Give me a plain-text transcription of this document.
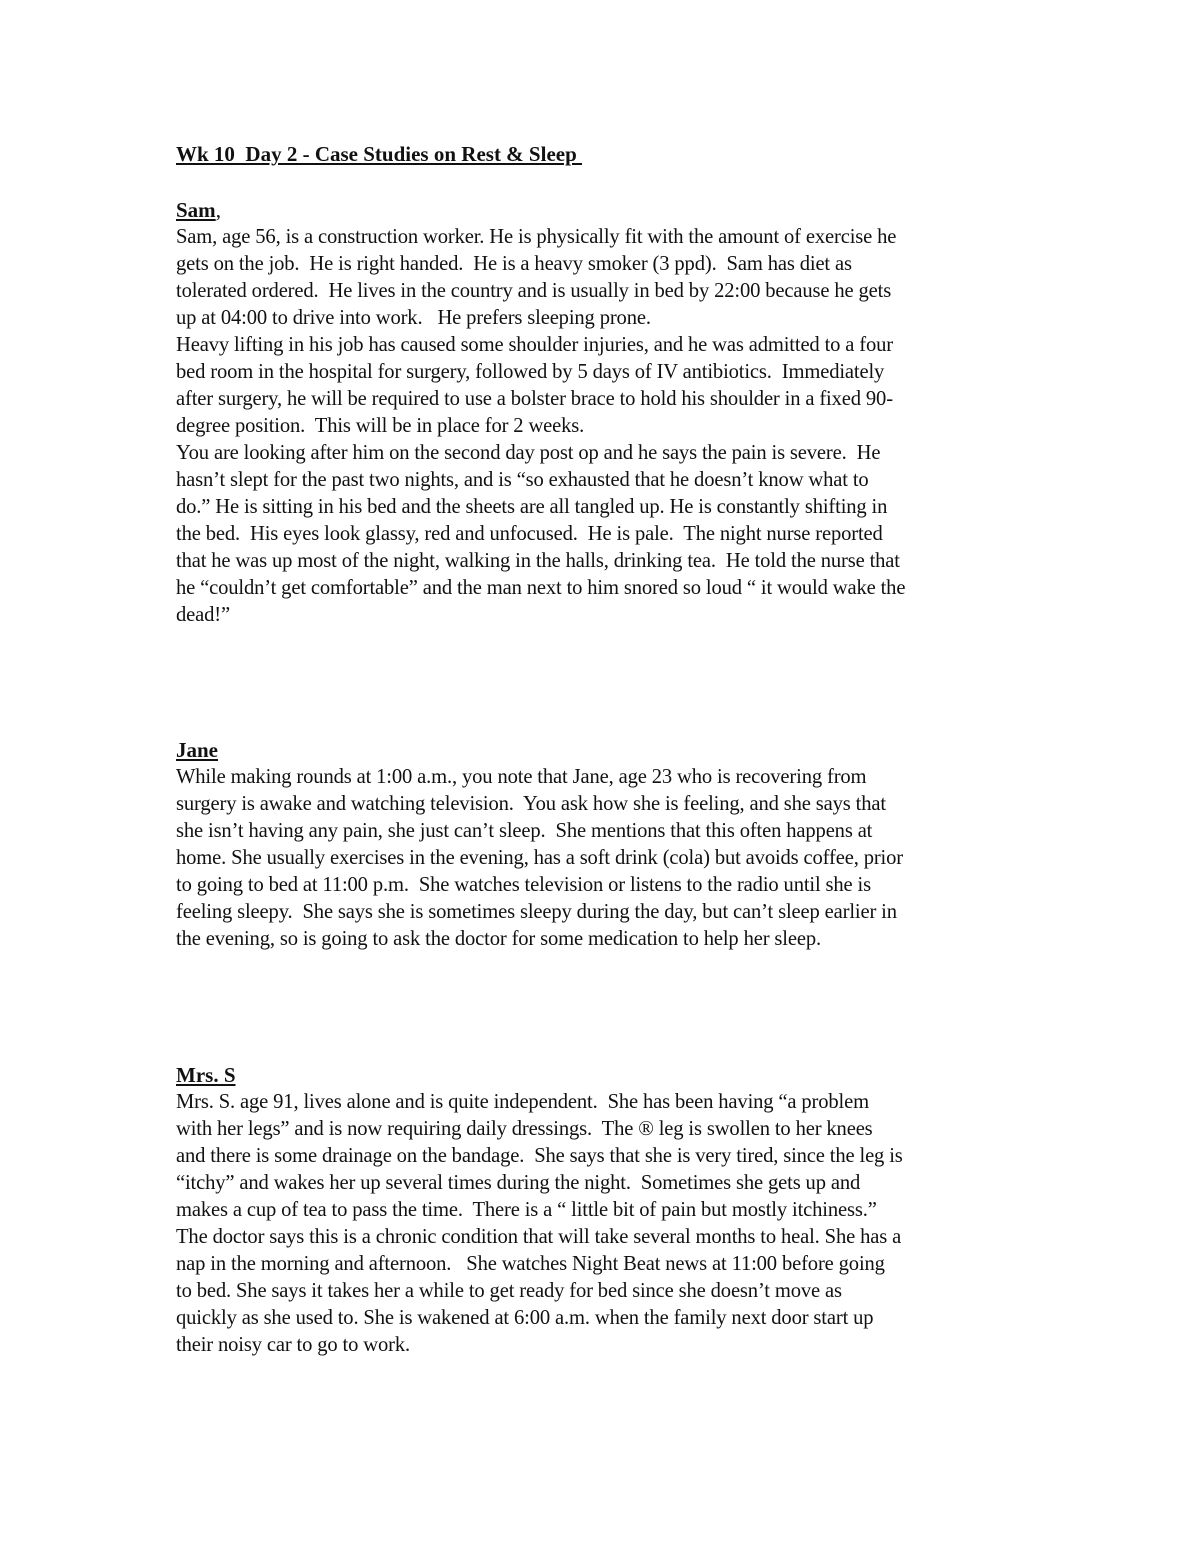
Wk 10  Day 2 - Case Studies on Rest & Sleep
Sam,

Sam, age 56, is a construction worker. He is physically fit with the amount of exercise he
gets on the job.  He is right handed.  He is a heavy smoker (3 ppd).  Sam has diet as
tolerated ordered.  He lives in the country and is usually in bed by 22:00 because he gets
up at 04:00 to drive into work.   He prefers sleeping prone.
Heavy lifting in his job has caused some shoulder injuries, and he was admitted to a four
bed room in the hospital for surgery, followed by 5 days of IV antibiotics.  Immediately
after surgery, he will be required to use a bolster brace to hold his shoulder in a fixed 90-
degree position.  This will be in place for 2 weeks.
You are looking after him on the second day post op and he says the pain is severe.  He
hasn’t slept for the past two nights, and is “so exhausted that he doesn’t know what to
do.” He is sitting in his bed and the sheets are all tangled up. He is constantly shifting in
the bed.  His eyes look glassy, red and unfocused.  He is pale.  The night nurse reported
that he was up most of the night, walking in the halls, drinking tea.  He told the nurse that
he “couldn’t get comfortable” and the man next to him snored so loud “ it would wake the
dead!”

Jane

While making rounds at 1:00 a.m., you note that Jane, age 23 who is recovering from
surgery is awake and watching television.  You ask how she is feeling, and she says that
she isn’t having any pain, she just can’t sleep.  She mentions that this often happens at
home. She usually exercises in the evening, has a soft drink (cola) but avoids coffee, prior
to going to bed at 11:00 p.m.  She watches television or listens to the radio until she is
feeling sleepy.  She says she is sometimes sleepy during the day, but can’t sleep earlier in
the evening, so is going to ask the doctor for some medication to help her sleep.

Mrs. S

Mrs. S. age 91, lives alone and is quite independent.  She has been having “a problem
with her legs” and is now requiring daily dressings.  The ® leg is swollen to her knees
and there is some drainage on the bandage.  She says that she is very tired, since the leg is
“itchy” and wakes her up several times during the night.  Sometimes she gets up and
makes a cup of tea to pass the time.  There is a “ little bit of pain but mostly itchiness.”
The doctor says this is a chronic condition that will take several months to heal. She has a
nap in the morning and afternoon.   She watches Night Beat news at 11:00 before going
to bed. She says it takes her a while to get ready for bed since she doesn’t move as
quickly as she used to. She is wakened at 6:00 a.m. when the family next door start up
their noisy car to go to work.
